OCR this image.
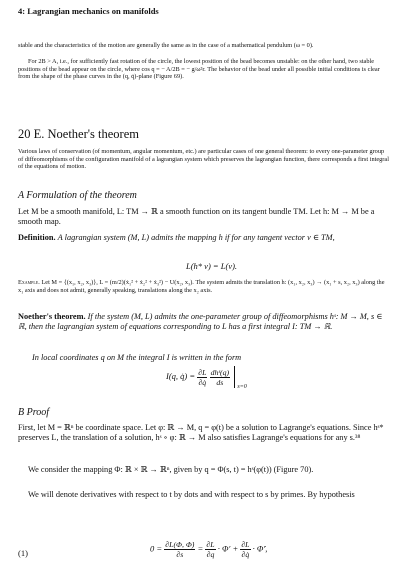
4: Lagrangian mechanics on manifolds

stable and the characteristics of the motion are generally the same as in the case of a mathematical pendulum (ω = 0).

For 2B > A, i.e., for sufficiently fast rotation of the circle, the lowest position of the bead becomes unstable: on the other hand, two stable positions of the bead appear on the circle, where cos q = − A/2B = − g/ω²r. The behavior of the bead under all possible initial conditions is clear from the shape of the phase curves in the (q, q̇)-plane (Figure 69).

20 E. Noether's theorem

Various laws of conservation (of momentum, angular momentum, etc.) are particular cases of one general theorem: to every one-parameter group of diffeomorphisms of the configuration manifold of a lagrangian system which preserves the lagrangian function, there corresponds a first integral of the equations of motion.

A Formulation of the theorem

Let M be a smooth manifold, L: TM → ℝ a smooth function on its tangent bundle TM. Let h: M → M be a smooth map.

Definition. A lagrangian system (M, L) admits the mapping h if for any tangent vector v ∈ TM,

L(h* v) = L(v).

Example. Let M = {(x₁, x₂, x₃)}, L = (m/2)(ẋ₁² + ẋ₂² + ẋ₃²) − U(x₂, x₃). The system admits the translation h: (x₁, x₂, x₃) → (x₁ + s, x₂, x₃) along the x₁ axis and does not admit, generally speaking, translations along the x₂ axis.

Noether's theorem. If the system (M, L) admits the one-parameter group of diffeomorphisms hˢ: M → M, s ∈ ℝ, then the lagrangian system of equations corresponding to L has a first integral I: TM → ℝ.

In local coordinates q on M the integral I is written in the form

I(q, q̇) = $\frac{\partial L}{\partial q̇}$
$\frac{\text{dhˢ(q)}}{ds}$
$_{s=0}$
B Proof

First, let M = ℝⁿ be coordinate space. Let φ: ℝ → M, q = φ(t) be a solution to Lagrange's equations. Since hˢ* preserves L, the translation of a solution, hˢ ∘ φ: ℝ → M also satisfies Lagrange's equations for any s.³⁸

We consider the mapping Φ: ℝ × ℝ → ℝⁿ, given by q = Φ(s, t) = hˢ(φ(t)) (Figure 70).

We will denote derivatives with respect to t by dots and with respect to s by primes. By hypothesis

(1)	$0 = \frac{\partial L(\Phi, \Phi̇)}{\partial s} = \frac{\partial L}{\partial q} \cdot \Phi' + \frac{\partial L}{\partial q̇}$ · Φ̇′,
